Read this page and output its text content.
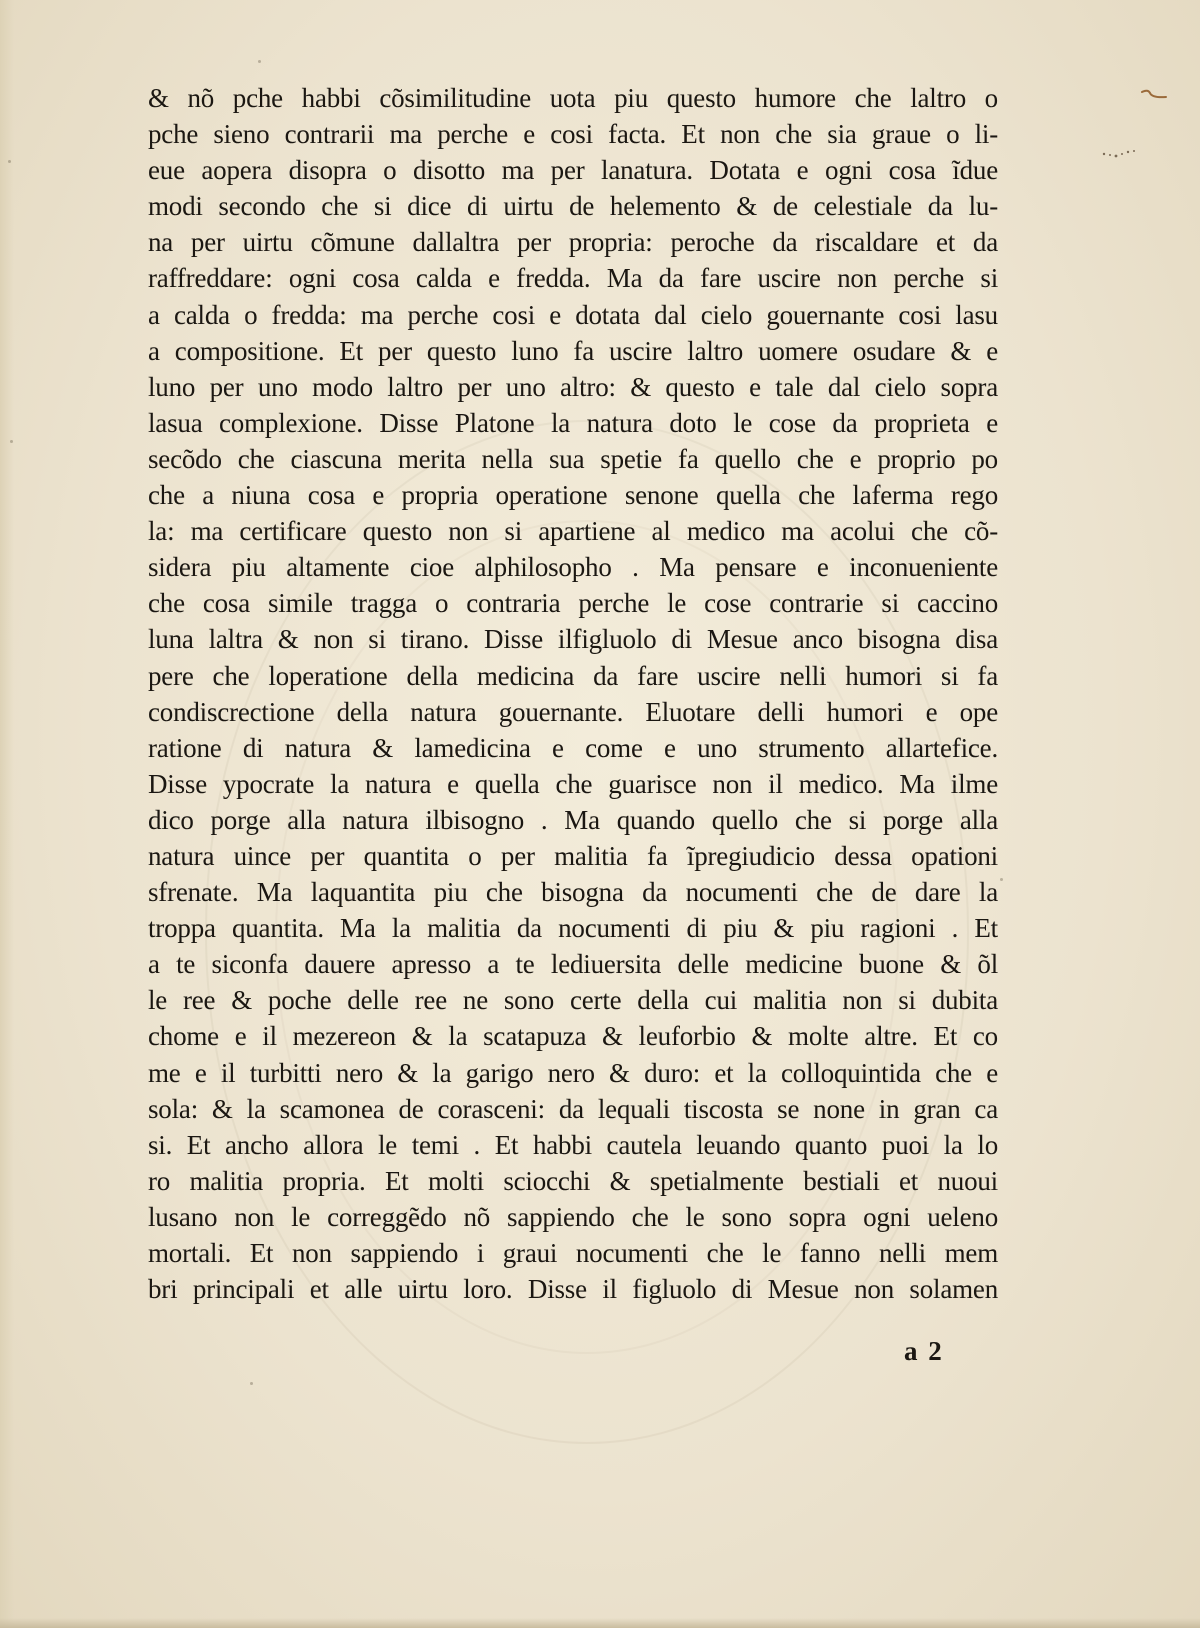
& nõ pche habbi cõsimilitudine uota piu questo humore che laltro o
pche sieno contrarii ma perche e cosi facta. Et non che sia graue o li-
eue aopera disopra o disotto ma per lanatura. Dotata e ogni cosa ĩdue
modi secondo che si dice di uirtu de helemento & de celestiale da lu-
na per uirtu cõmune dallaltra per propria: peroche da riscaldare et da
raffreddare: ogni cosa calda e fredda. Ma da fare uscire non perche si
a calda o fredda: ma perche cosi e dotata dal cielo gouernante cosi lasu
a compositione. Et per questo luno fa uscire laltro uomere osudare & e
luno per uno modo laltro per uno altro: & questo e tale dal cielo sopra
lasua complexione. Disse Platone la natura doto le cose da proprieta e
secõdo che ciascuna merita nella sua spetie fa quello che e proprio po
che a niuna cosa e propria operatione senone quella che laferma rego
la: ma certificare questo non si apartiene al medico ma acolui che cõ-
sidera piu altamente cioe alphilosopho . Ma pensare e inconueniente
che cosa simile tragga o contraria perche le cose contrarie si caccino
luna laltra & non si tirano. Disse ilfigluolo di Mesue anco bisogna disa
pere che loperatione della medicina da fare uscire nelli humori si fa
condiscrectione della natura gouernante. Eluotare delli humori e ope
ratione di natura & lamedicina e come e uno strumento allartefice.
Disse ypocrate la natura e quella che guarisce non il medico. Ma ilme
dico porge alla natura ilbisogno . Ma quando quello che si porge alla
natura uince per quantita o per malitia fa ĩpregiudicio dessa opationi
sfrenate. Ma laquantita piu che bisogna da nocumenti che de dare la
troppa quantita. Ma la malitia da nocumenti di piu & piu ragioni . Et
a te siconfa dauere apresso a te lediuersita delle medicine buone & õl
le ree & poche delle ree ne sono certe della cui malitia non si dubita
chome e il mezereon & la scatapuza & leuforbio & molte altre. Et co
me e il turbitti nero & la garigo nero & duro: et la colloquintida che e
sola: & la scamonea de corasceni: da lequali tiscosta se none in gran ca
si. Et ancho allora le temi . Et habbi cautela leuando quanto puoi la lo
ro malitia propria. Et molti sciocchi & spetialmente bestiali et nuoui
lusano non le correggẽdo nõ sappiendo che le sono sopra ogni ueleno
mortali. Et non sappiendo i graui nocumenti che le fanno nelli mem
bri principali et alle uirtu loro. Disse il figluolo di Mesue non solamen
a 2
